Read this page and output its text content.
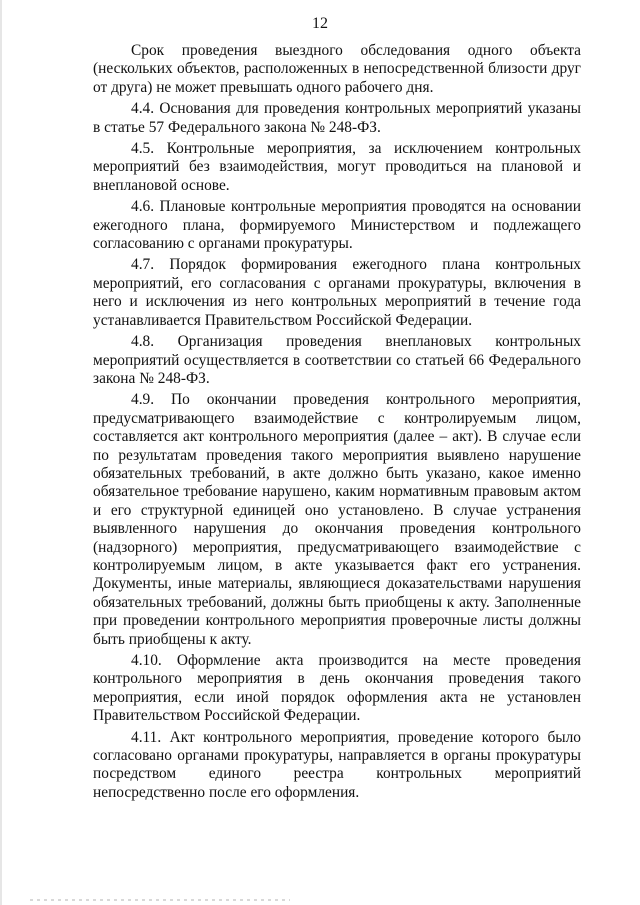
12

Срок проведения выездного обследования одного объекта (нескольких объектов, расположенных в непосредственной близости друг от друга) не может превышать одного рабочего дня.

4.4. Основания для проведения контрольных мероприятий указаны в статье 57 Федерального закона № 248-ФЗ.

4.5. Контрольные мероприятия, за исключением контрольных мероприятий без взаимодействия, могут проводиться на плановой и внеплановой основе.

4.6. Плановые контрольные мероприятия проводятся на основании ежегодного плана, формируемого Министерством и подлежащего согласованию с органами прокуратуры.

4.7. Порядок формирования ежегодного плана контрольных мероприятий, его согласования с органами прокуратуры, включения в него и исключения из него контрольных мероприятий в течение года устанавливается Правительством Российской Федерации.

4.8. Организация проведения внеплановых контрольных мероприятий осуществляется в соответствии со статьей 66 Федерального закона № 248-ФЗ.

4.9. По окончании проведения контрольного мероприятия, предусматривающего взаимодействие с контролируемым лицом, составляется акт контрольного мероприятия (далее – акт). В случае если по результатам проведения такого мероприятия выявлено нарушение обязательных требований, в акте должно быть указано, какое именно обязательное требование нарушено, каким нормативным правовым актом и его структурной единицей оно установлено. В случае устранения выявленного нарушения до окончания проведения контрольного (надзорного) мероприятия, предусматривающего взаимодействие с контролируемым лицом, в акте указывается факт его устранения. Документы, иные материалы, являющиеся доказательствами нарушения обязательных требований, должны быть приобщены к акту. Заполненные при проведении контрольного мероприятия проверочные листы должны быть приобщены к акту.

4.10. Оформление акта производится на месте проведения контрольного мероприятия в день окончания проведения такого мероприятия, если иной порядок оформления акта не установлен Правительством Российской Федерации.

4.11. Акт контрольного мероприятия, проведение которого было согласовано органами прокуратуры, направляется в органы прокуратуры посредством единого реестра контрольных мероприятий непосредственно после его оформления.
